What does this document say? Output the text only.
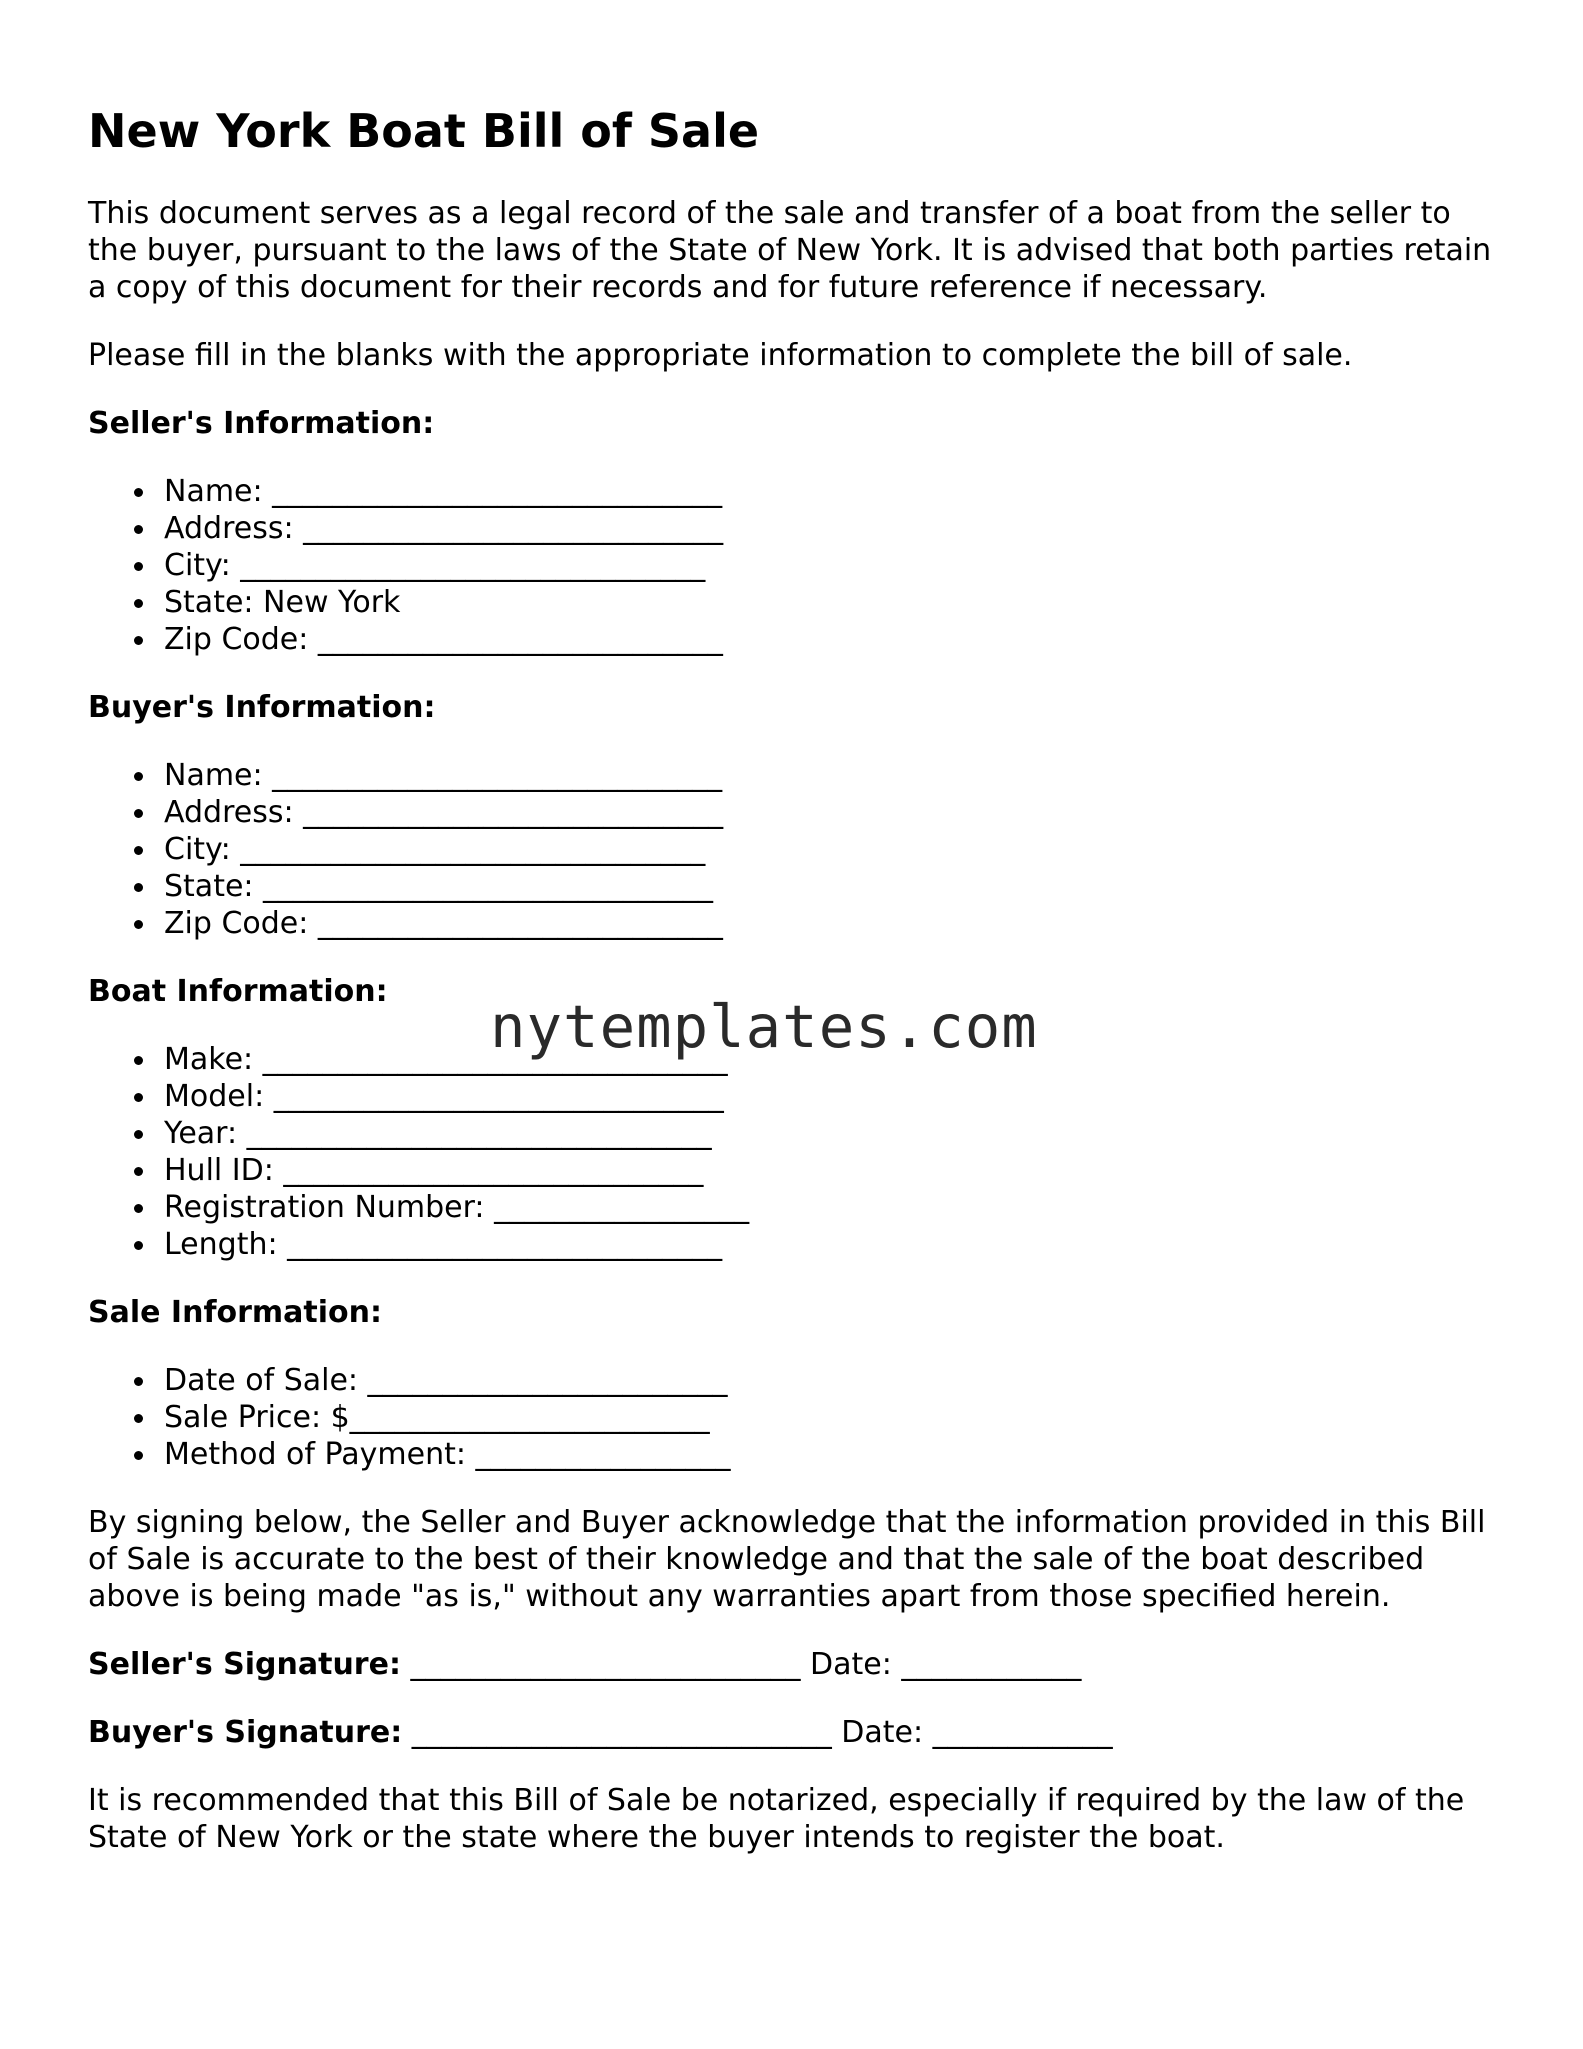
New York Boat Bill of Sale

This document serves as a legal record of the sale and transfer of a boat from the seller to the buyer, pursuant to the laws of the State of New York. It is advised that both parties retain a copy of this document for their records and for future reference if necessary.

Please fill in the blanks with the appropriate information to complete the bill of sale.

Seller's Information:
Name: ______________________________
Address: ____________________________
City: _______________________________
State: New York
Zip Code: ___________________________
Buyer's Information:
Name: ______________________________
Address: ____________________________
City: _______________________________
State: ______________________________
Zip Code: ___________________________
Boat Information:
Make: _______________________________
Model: ______________________________
Year: _______________________________
Hull ID: ____________________________
Registration Number: _________________
Length: _____________________________
Sale Information:
Date of Sale: ________________________
Sale Price: $________________________
Method of Payment: _________________

By signing below, the Seller and Buyer acknowledge that the information provided in this Bill of Sale is accurate to the best of their knowledge and that the sale of the boat described above is being made "as is," without any warranties apart from those specified herein.

Seller's Signature: __________________________ Date: ____________
Buyer's Signature: ____________________________ Date: ____________

It is recommended that this Bill of Sale be notarized, especially if required by the law of the State of New York or the state where the buyer intends to register the boat.

nytemplates.com
